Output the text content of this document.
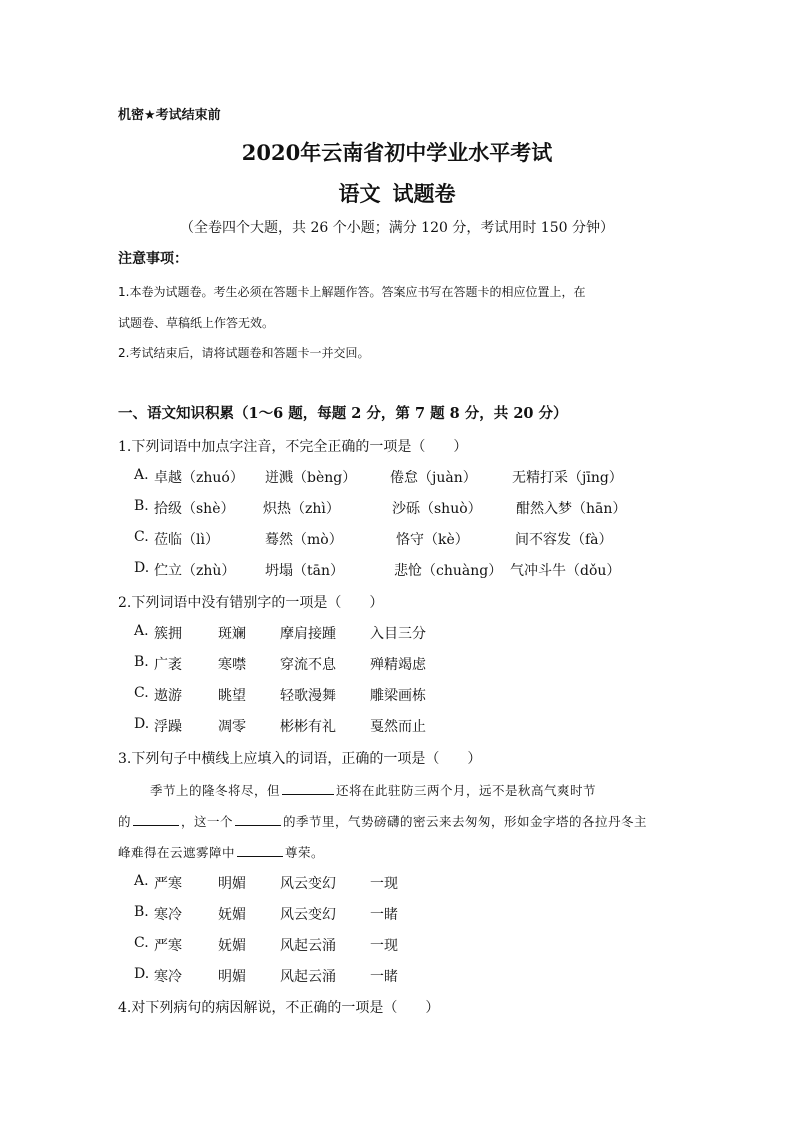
机密★考试结束前
2020年云南省初中学业水平考试
语文 试题卷
（全卷四个大题，共 26 个小题；满分 120 分，考试用时 150 分钟）
注意事项：
1.本卷为试题卷。考生必须在答题卡上解题作答。答案应书写在答题卡的相应位置上，在
试题卷、草稿纸上作答无效。
2.考试结束后，请将试题卷和答题卡一并交回。
一、语文知识积累（1～6 题，每题 2 分，第 7 题 8 分，共 20 分）
1.下列词语中加点字注音，不完全正确的一项是（　　）
A. 卓越（zhuó） 迸溅（bèng） 倦怠（juàn）	无精打采（jīng）
B. 拾级（shè） 炽热（zhì）	沙砾（shuò） 酣然入梦（hān）
C. 莅临（lì）	蓦然（mò）	恪守（kè）	间不容发（fà）
D. 伫立（zhù） 坍塌（tān）	悲怆（chuàng） 气冲斗牛（dǒu）
2.下列词语中没有错别字的一项是（　　）
A. 簇拥	斑斓 摩肩接踵 入目三分
B. 广袤	寒噤 穿流不息 殚精竭虑
C. 遨游	眺望 轻歌漫舞 雕梁画栋
D. 浮躁	凋零 彬彬有礼 戛然而止
3.下列句子中横线上应填入的词语，正确的一项是（　　）
季节上的隆冬将尽，但	还将在此驻防三两个月，远不是秋高气爽时节
的	，这一个	的季节里，气势磅礴的密云来去匆匆，形如金字塔的各拉丹冬主
峰难得在云遮雾障中	尊荣。
A. 严寒	明媚 风云变幻 一现
B. 寒冷	妩媚 风云变幻 一睹
C. 严寒	妩媚 风起云涌 一现
D. 寒冷	明媚 风起云涌 一睹
4.对下列病句的病因解说，不正确的一项是（　　）
